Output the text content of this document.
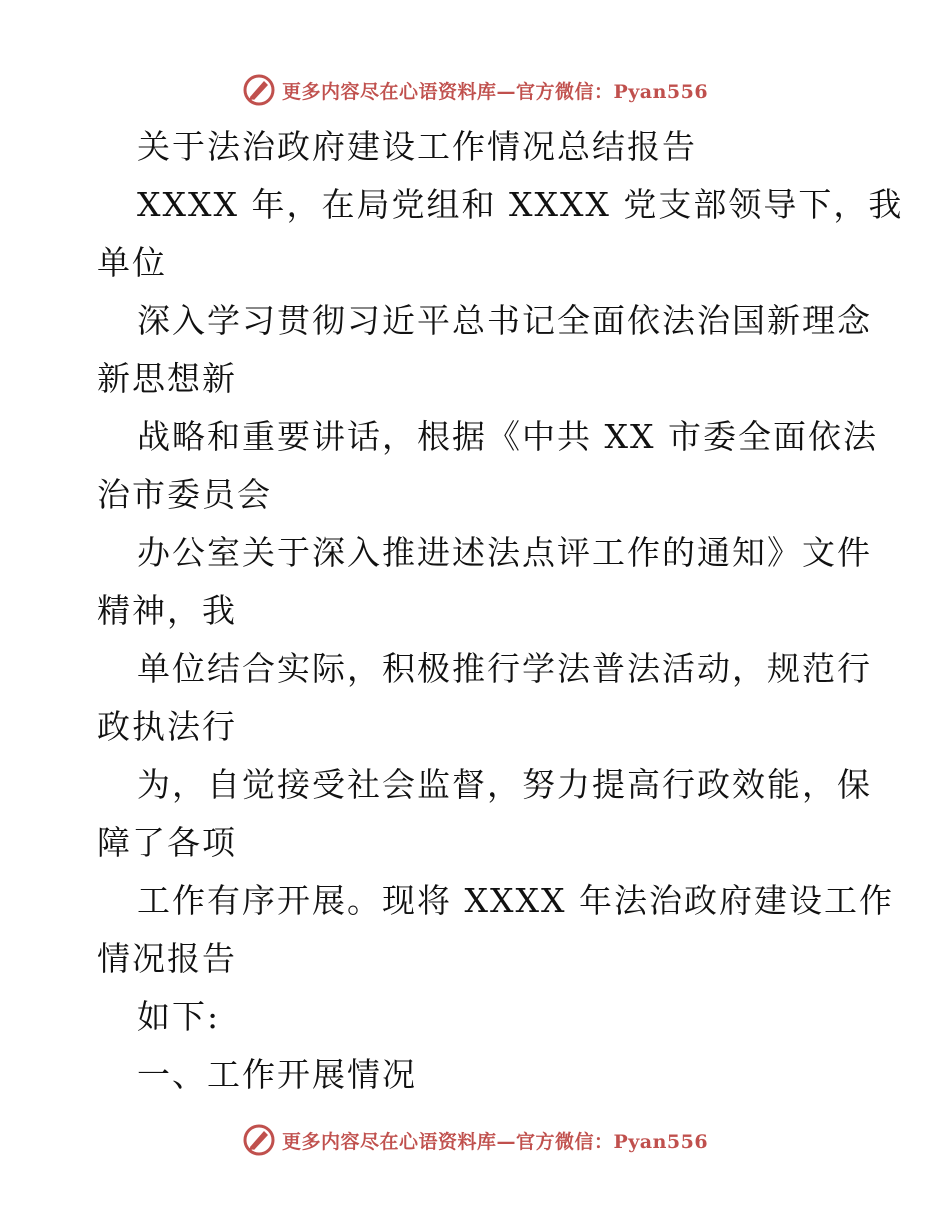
更多内容尽在心语资料库—官方微信：Pyan556
关于法治政府建设工作情况总结报告
XXXX 年，在局党组和 XXXX 党支部领导下，我
单位
深入学习贯彻习近平总书记全面依法治国新理念
新思想新
战略和重要讲话，根据《中共 XX 市委全面依法
治市委员会
办公室关于深入推进述法点评工作的通知》文件
精神，我
单位结合实际，积极推行学法普法活动，规范行
政执法行
为，自觉接受社会监督，努力提高行政效能，保
障了各项
工作有序开展。现将 XXXX 年法治政府建设工作
情况报告
如下:
一、工作开展情况
更多内容尽在心语资料库—官方微信：Pyan556
